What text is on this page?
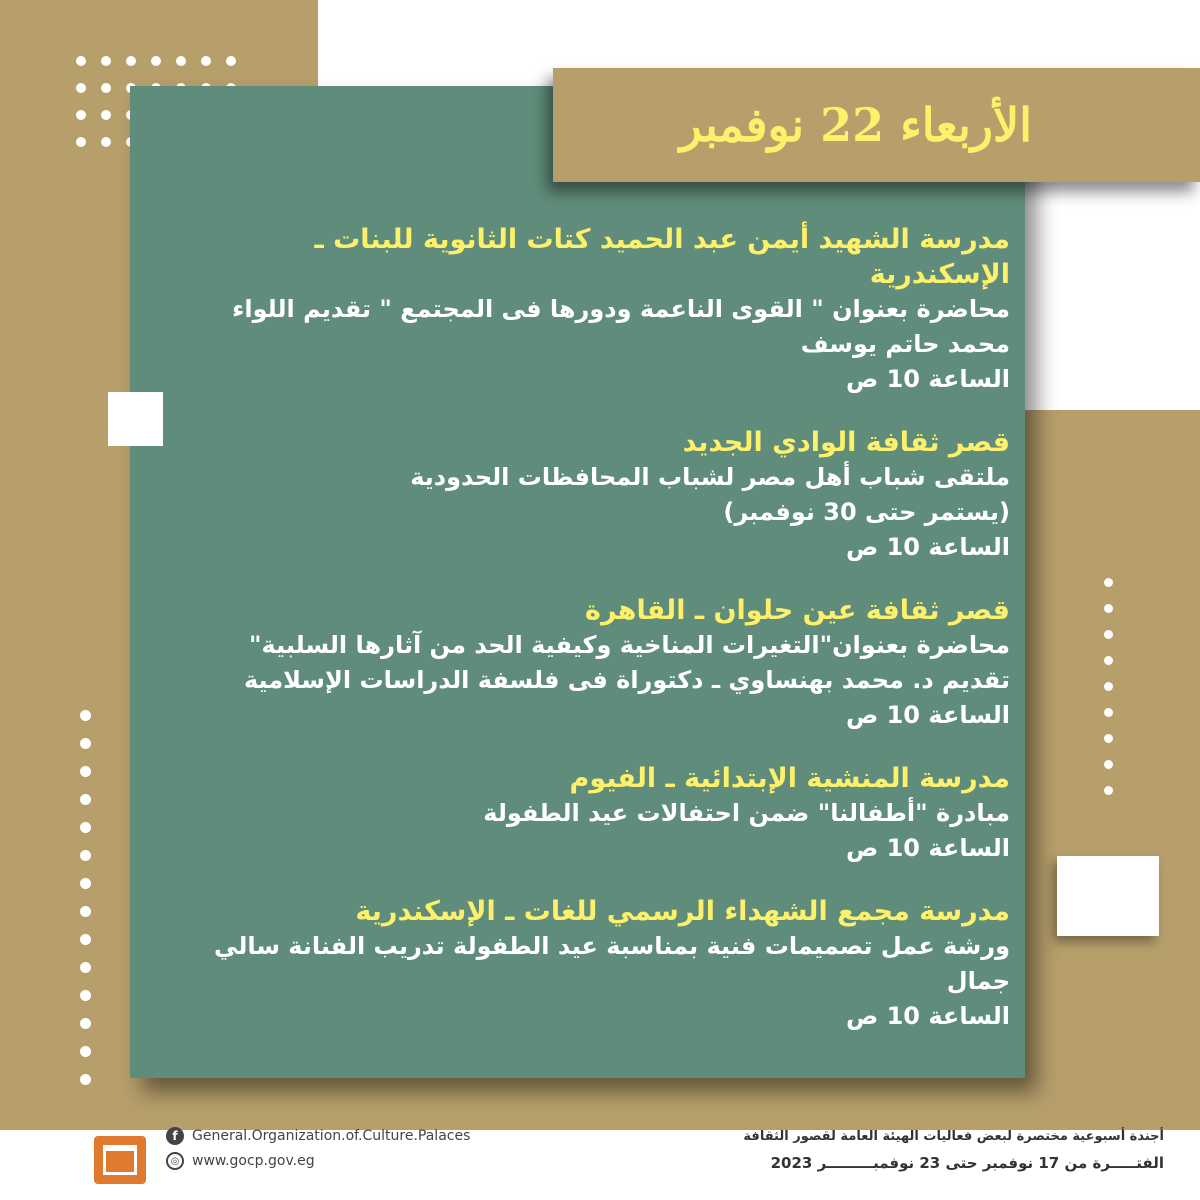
الأربعاء 22 نوفمبر
مدرسة الشهيد أيمن عبد الحميد كتات الثانوية للبنات ـ الإسكندرية
محاضرة بعنوان " القوى الناعمة ودورها فى المجتمع " تقديم اللواء محمد حاتم يوسف
الساعة 10 ص
قصر ثقافة الوادي الجديد
ملتقى شباب أهل مصر لشباب المحافظات الحدودية
(يستمر حتى 30 نوفمبر)
الساعة 10 ص
قصر ثقافة عين حلوان ـ القاهرة
محاضرة بعنوان"التغيرات المناخية وكيفية الحد من آثارها السلبية" تقديم د. محمد بهنساوي ـ دكتوراة فى فلسفة الدراسات الإسلامية
الساعة 10 ص
مدرسة المنشية الإبتدائية ـ الفيوم
مبادرة "أطفالنا" ضمن احتفالات عيد الطفولة
الساعة 10 ص
مدرسة مجمع الشهداء الرسمي للغات ـ الإسكندرية
ورشة عمل تصميمات فنية بمناسبة عيد الطفولة تدريب الفنانة سالي جمال
الساعة 10 ص
f	General.Organization.of.Culture.Palaces
◎ www.gocp.gov.eg
أجندة أسبوعية مختصرة لبعض فعاليات الهيئة العامة لقصور الثقافة
الفتـــــرة من 17 نوفمبر حتى 23 نوفمبـــــــــر 2023
